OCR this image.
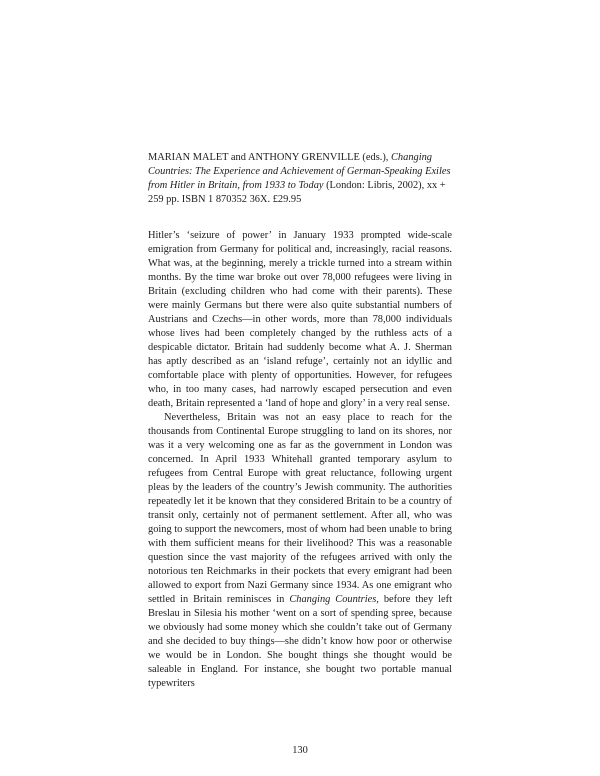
MARIAN MALET and ANTHONY GRENVILLE (eds.), Changing Countries: The Experience and Achievement of German-Speaking Exiles from Hitler in Britain, from 1933 to Today (London: Libris, 2002), xx + 259 pp. ISBN 1 870352 36X. £29.95

Hitler’s ‘seizure of power’ in January 1933 prompted wide-scale emigration from Germany for political and, increasingly, racial reasons. What was, at the beginning, merely a trickle turned into a stream within months. By the time war broke out over 78,000 refugees were living in Britain (excluding children who had come with their parents). These were mainly Germans but there were also quite substantial numbers of Austrians and Czechs—in other words, more than 78,000 individuals whose lives had been completely changed by the ruthless acts of a despicable dictator. Britain had suddenly become what A. J. Sherman has aptly described as an ‘island refuge’, certainly not an idyllic and comfortable place with plenty of opportunities. However, for refugees who, in too many cases, had narrowly escaped persecution and even death, Britain represented a ‘land of hope and glory’ in a very real sense.

Nevertheless, Britain was not an easy place to reach for the thousands from Continental Europe struggling to land on its shores, nor was it a very welcoming one as far as the government in London was concerned. In April 1933 Whitehall granted temporary asylum to refugees from Central Europe with great reluctance, following urgent pleas by the leaders of the country’s Jewish community. The authorities repeatedly let it be known that they considered Britain to be a country of transit only, certainly not of permanent settlement. After all, who was going to support the newcomers, most of whom had been unable to bring with them sufficient means for their livelihood? This was a reasonable question since the vast majority of the refugees arrived with only the notorious ten Reichmarks in their pockets that every emigrant had been allowed to export from Nazi Germany since 1934. As one emigrant who settled in Britain reminisces in Changing Countries, before they left Breslau in Silesia his mother ‘went on a sort of spending spree, because we obviously had some money which she couldn’t take out of Germany and she decided to buy things—she didn’t know how poor or otherwise we would be in London. She bought things she thought would be saleable in England. For instance, she bought two portable manual typewriters

130
